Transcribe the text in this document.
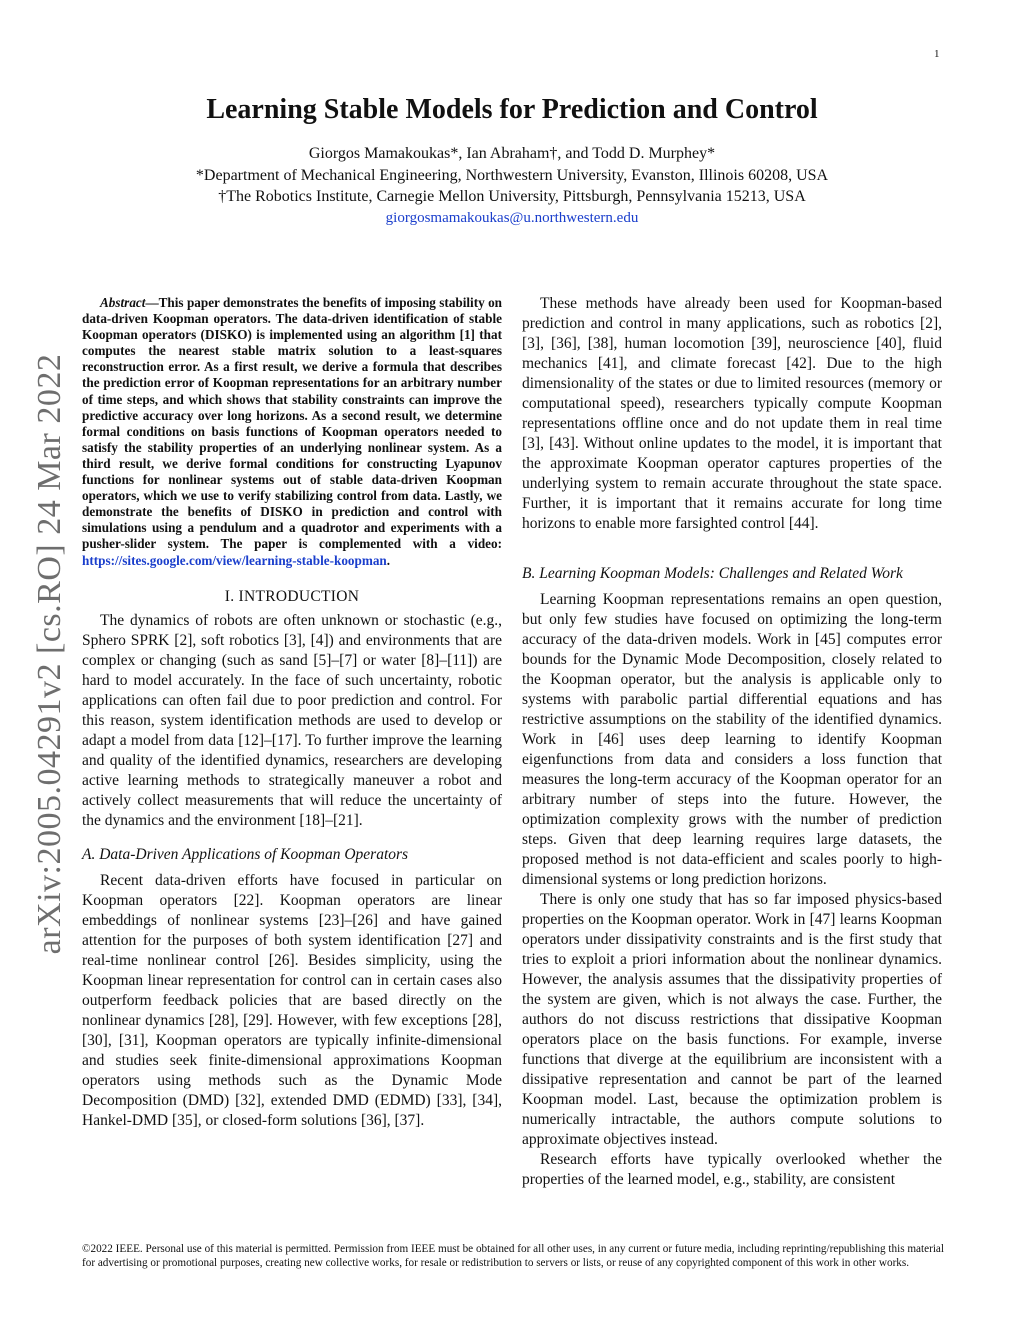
1
arXiv:2005.04291v2 [cs.RO] 24 Mar 2022
Learning Stable Models for Prediction and Control
Giorgos Mamakoukas*, Ian Abraham†, and Todd D. Murphey*
*Department of Mechanical Engineering, Northwestern University, Evanston, Illinois 60208, USA
†The Robotics Institute, Carnegie Mellon University, Pittsburgh, Pennsylvania 15213, USA
giorgosmamakoukas@u.northwestern.edu

Abstract—This paper demonstrates the benefits of imposing stability on data-driven Koopman operators. The data-driven identification of stable Koopman operators (DISKO) is implemented using an algorithm [1] that computes the nearest stable matrix solution to a least-squares reconstruction error. As a first result, we derive a formula that describes the prediction error of Koopman representations for an arbitrary number of time steps, and which shows that stability constraints can improve the predictive accuracy over long horizons. As a second result, we determine formal conditions on basis functions of Koopman operators needed to satisfy the stability properties of an underlying nonlinear system. As a third result, we derive formal conditions for constructing Lyapunov functions for nonlinear systems out of stable data-driven Koopman operators, which we use to verify stabilizing control from data. Lastly, we demonstrate the benefits of DISKO in prediction and control with simulations using a pendulum and a quadrotor and experiments with a pusher-slider system. The paper is complemented with a video: https://sites.google.com/view/learning-stable-koopman.

I. INTRODUCTION

The dynamics of robots are often unknown or stochastic (e.g., Sphero SPRK [2], soft robotics [3], [4]) and environments that are complex or changing (such as sand [5]–[7] or water [8]–[11]) are hard to model accurately. In the face of such uncertainty, robotic applications can often fail due to poor prediction and control. For this reason, system identification methods are used to develop or adapt a model from data [12]–[17]. To further improve the learning and quality of the identified dynamics, researchers are developing active learning methods to strategically maneuver a robot and actively collect measurements that will reduce the uncertainty of the dynamics and the environment [18]–[21].

A. Data-Driven Applications of Koopman Operators

Recent data-driven efforts have focused in particular on Koopman operators [22]. Koopman operators are linear embeddings of nonlinear systems [23]–[26] and have gained attention for the purposes of both system identification [27] and real-time nonlinear control [26]. Besides simplicity, using the Koopman linear representation for control can in certain cases also outperform feedback policies that are based directly on the nonlinear dynamics [28], [29]. However, with few exceptions [28], [30], [31], Koopman operators are typically infinite-dimensional and studies seek finite-dimensional approximations Koopman operators using methods such as the Dynamic Mode Decomposition (DMD) [32], extended DMD (EDMD) [33], [34], Hankel-DMD [35], or closed-form solutions [36], [37].

These methods have already been used for Koopman-based prediction and control in many applications, such as robotics [2], [3], [36], [38], human locomotion [39], neuroscience [40], fluid mechanics [41], and climate forecast [42]. Due to the high dimensionality of the states or due to limited resources (memory or computational speed), researchers typically compute Koopman representations offline once and do not update them in real time [3], [43]. Without online updates to the model, it is important that the approximate Koopman operator captures properties of the underlying system to remain accurate throughout the state space. Further, it is important that it remains accurate for long time horizons to enable more farsighted control [44].

B. Learning Koopman Models: Challenges and Related Work

Learning Koopman representations remains an open question, but only few studies have focused on optimizing the long-term accuracy of the data-driven models. Work in [45] computes error bounds for the Dynamic Mode Decomposition, closely related to the Koopman operator, but the analysis is applicable only to systems with parabolic partial differential equations and has restrictive assumptions on the stability of the identified dynamics. Work in [46] uses deep learning to identify Koopman eigenfunctions from data and considers a loss function that measures the long-term accuracy of the Koopman operator for an arbitrary number of steps into the future. However, the optimization complexity grows with the number of prediction steps. Given that deep learning requires large datasets, the proposed method is not data-efficient and scales poorly to high-dimensional systems or long prediction horizons.

There is only one study that has so far imposed physics-based properties on the Koopman operator. Work in [47] learns Koopman operators under dissipativity constraints and is the first study that tries to exploit a priori information about the nonlinear dynamics. However, the analysis assumes that the dissipativity properties of the system are given, which is not always the case. Further, the authors do not discuss restrictions that dissipative Koopman operators place on the basis functions. For example, inverse functions that diverge at the equilibrium are inconsistent with a dissipative representation and cannot be part of the learned Koopman model. Last, because the optimization problem is numerically intractable, the authors compute solutions to approximate objectives instead.

Research efforts have typically overlooked whether the properties of the learned model, e.g., stability, are consistent

©2022 IEEE. Personal use of this material is permitted. Permission from IEEE must be obtained for all other uses, in any current or future media, including reprinting/republishing this material for advertising or promotional purposes, creating new collective works, for resale or redistribution to servers or lists, or reuse of any copyrighted component of this work in other works.
